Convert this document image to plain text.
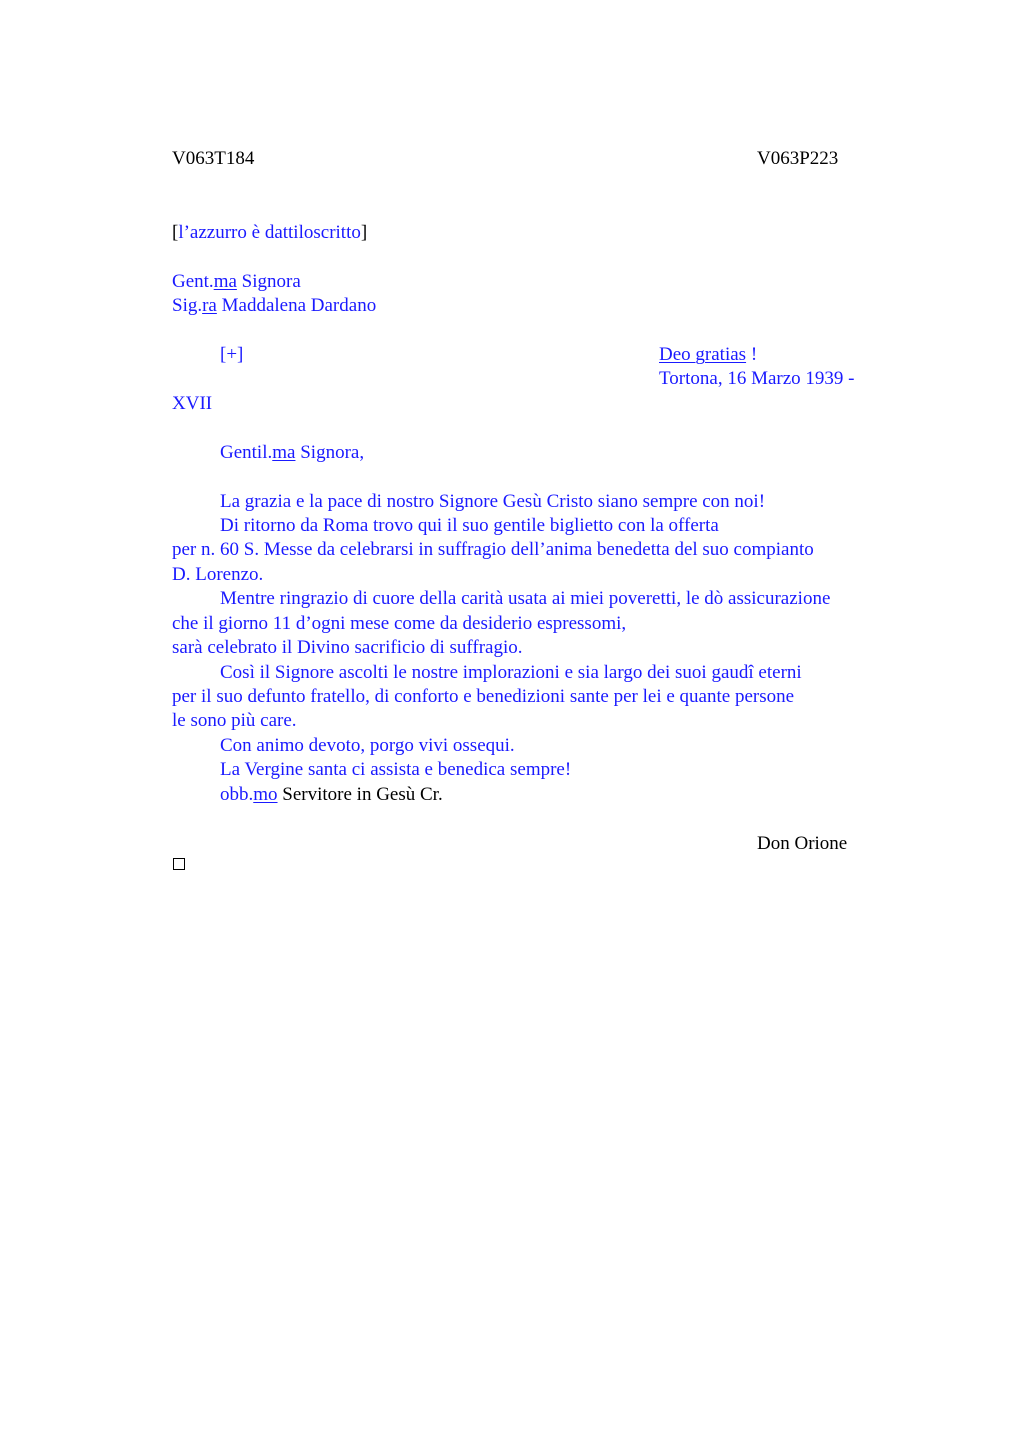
V063T184	V063P223
[l’azzurro è dattiloscritto]
Gent.ma Signora
Sig.ra Maddalena Dardano
[+]	Deo gratias !
Tortona, 16 Marzo 1939 -
XVII
Gentil.ma Signora,
La grazia e la pace di nostro Signore Gesù Cristo siano sempre con noi!
Di ritorno da Roma trovo qui il suo gentile biglietto con la offerta
per n. 60 S. Messe da celebrarsi in suffragio dell’anima benedetta del suo compianto
D. Lorenzo.
Mentre ringrazio di cuore della carità usata ai miei poveretti, le dò assicurazione
che il giorno 11 d’ogni mese come da desiderio espressomi,
sarà celebrato il Divino sacrificio di suffragio.
Così il Signore ascolti le nostre implorazioni e sia largo dei suoi gaudî eterni
per il suo defunto fratello, di conforto e benedizioni sante per lei e quante persone
le sono più care.
Con animo devoto, porgo vivi ossequi.
La Vergine santa ci assista e benedica sempre!
obb.mo Servitore in Gesù Cr.
Don Orione
